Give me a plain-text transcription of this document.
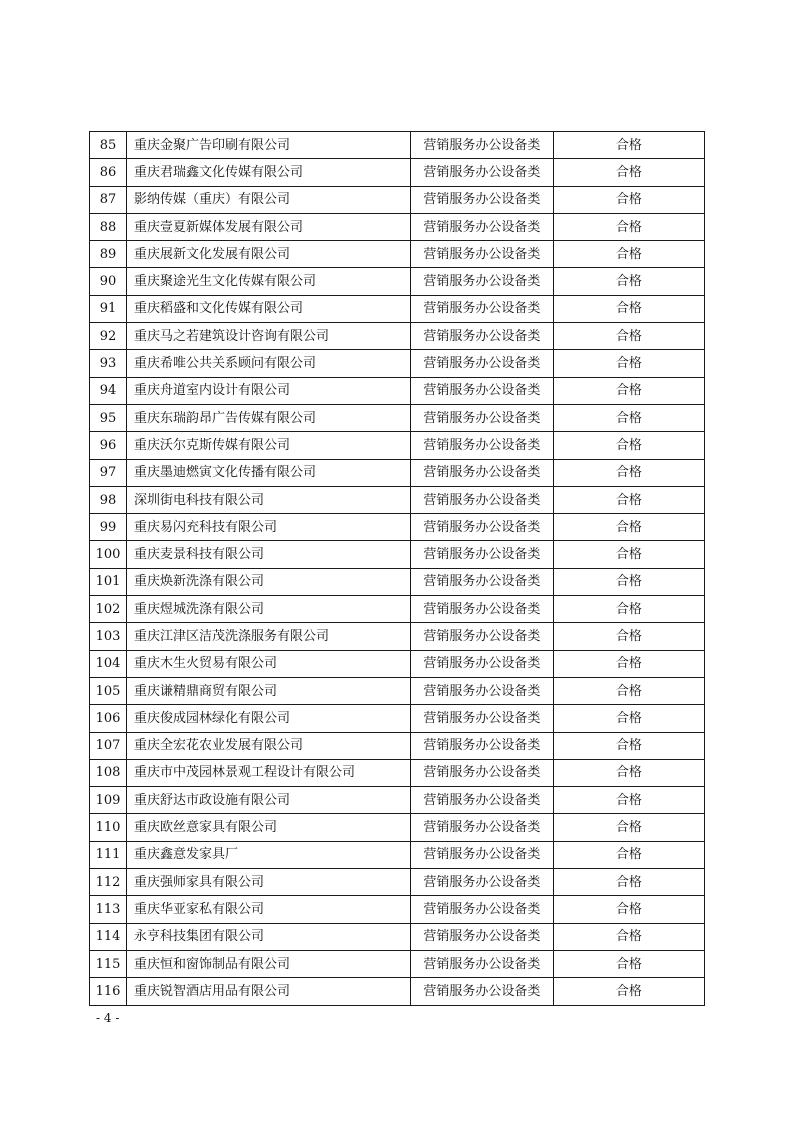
85	重庆金聚广告印刷有限公司	营销服务办公设备类	合格
86	重庆君瑞鑫文化传媒有限公司	营销服务办公设备类	合格
87	影纳传媒（重庆）有限公司	营销服务办公设备类	合格
88	重庆壹夏新媒体发展有限公司	营销服务办公设备类	合格
89	重庆展新文化发展有限公司	营销服务办公设备类	合格
90	重庆聚途光生文化传媒有限公司	营销服务办公设备类	合格
91	重庆稻盛和文化传媒有限公司	营销服务办公设备类	合格
92	重庆马之若建筑设计咨询有限公司	营销服务办公设备类	合格
93	重庆希唯公共关系顾问有限公司	营销服务办公设备类	合格
94	重庆舟道室内设计有限公司	营销服务办公设备类	合格
95	重庆东瑞韵昂广告传媒有限公司	营销服务办公设备类	合格
96	重庆沃尔克斯传媒有限公司	营销服务办公设备类	合格
97	重庆墨迪燃寅文化传播有限公司	营销服务办公设备类	合格
98	深圳街电科技有限公司	营销服务办公设备类	合格
99	重庆易闪充科技有限公司	营销服务办公设备类	合格
100	重庆麦景科技有限公司	营销服务办公设备类	合格
101	重庆焕新洗涤有限公司	营销服务办公设备类	合格
102	重庆煜城洗涤有限公司	营销服务办公设备类	合格
103	重庆江津区洁茂洗涤服务有限公司	营销服务办公设备类	合格
104	重庆木生火贸易有限公司	营销服务办公设备类	合格
105	重庆谦精鼎商贸有限公司	营销服务办公设备类	合格
106	重庆俊成园林绿化有限公司	营销服务办公设备类	合格
107	重庆全宏花农业发展有限公司	营销服务办公设备类	合格
108	重庆市中茂园林景观工程设计有限公司	营销服务办公设备类	合格
109	重庆舒达市政设施有限公司	营销服务办公设备类	合格
110	重庆欧丝意家具有限公司	营销服务办公设备类	合格
111	重庆鑫意发家具厂	营销服务办公设备类	合格
112	重庆强师家具有限公司	营销服务办公设备类	合格
113	重庆华亚家私有限公司	营销服务办公设备类	合格
114	永亨科技集团有限公司	营销服务办公设备类	合格
115	重庆恒和窗饰制品有限公司	营销服务办公设备类	合格
116	重庆锐智酒店用品有限公司	营销服务办公设备类	合格
- 4 -
